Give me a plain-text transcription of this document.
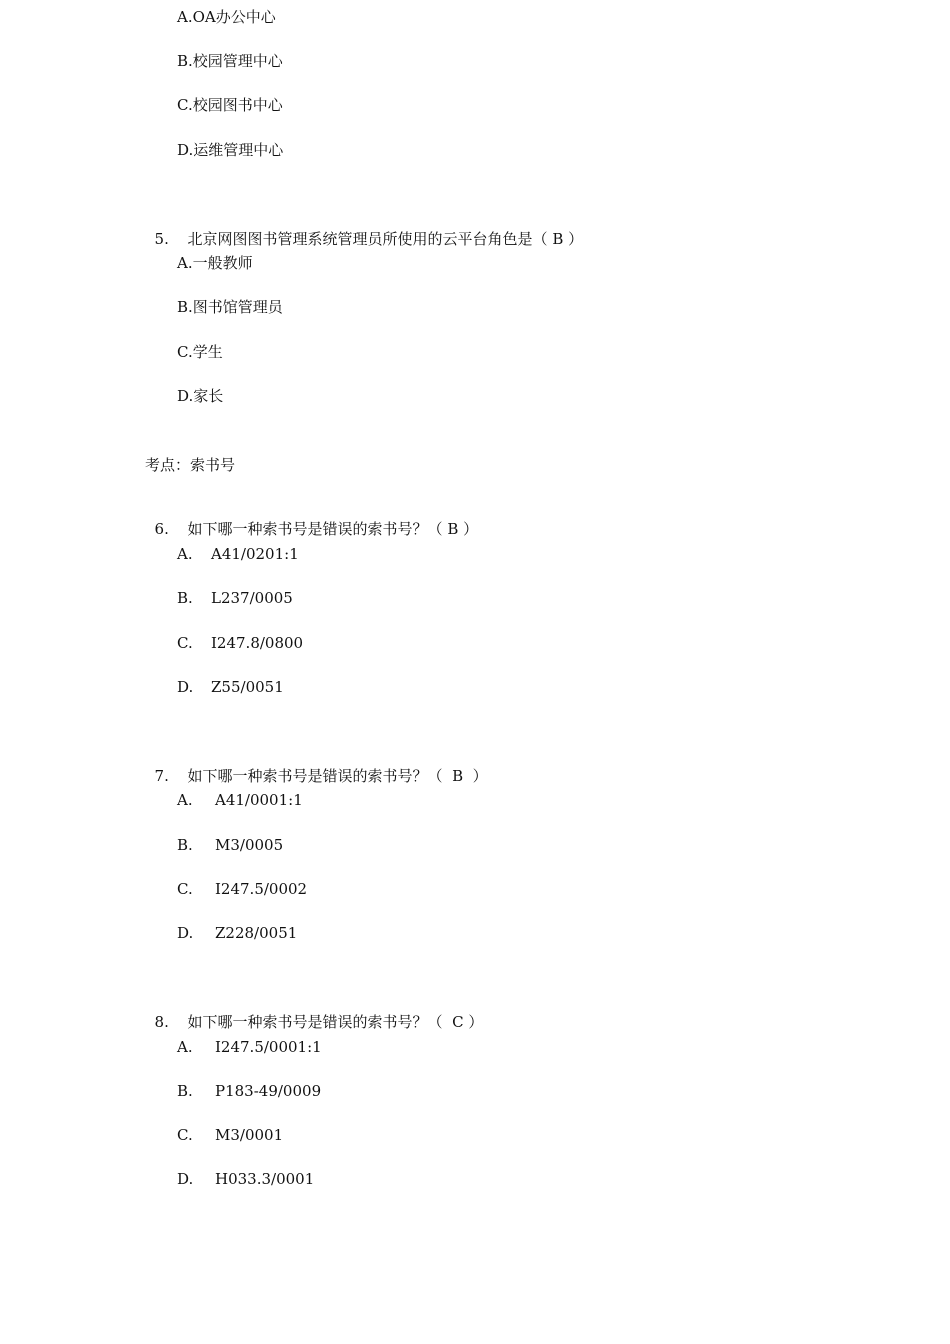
A.OA办公中心
B.校园管理中心
C.校园图书中心
D.运维管理中心

5. 北京网图图书管理系统管理员所使用的云平台角色是（ B ）

A.一般教师
B.图书馆管理员
C.学生
D.家长
考点：索书号

6. 如下哪一种索书号是错误的索书号？（ B ）

A. A41/0201:1
B. L237/0005
C. I247.8/0800
D. Z55/0051

7. 如下哪一种索书号是错误的索书号？（  B  ）

A. A41/0001:1
B. M3/0005
C. I247.5/0002
D. Z228/0051

8. 如下哪一种索书号是错误的索书号？（  C ）

A. I247.5/0001:1
B. P183-49/0009
C. M3/0001
D. H033.3/0001
